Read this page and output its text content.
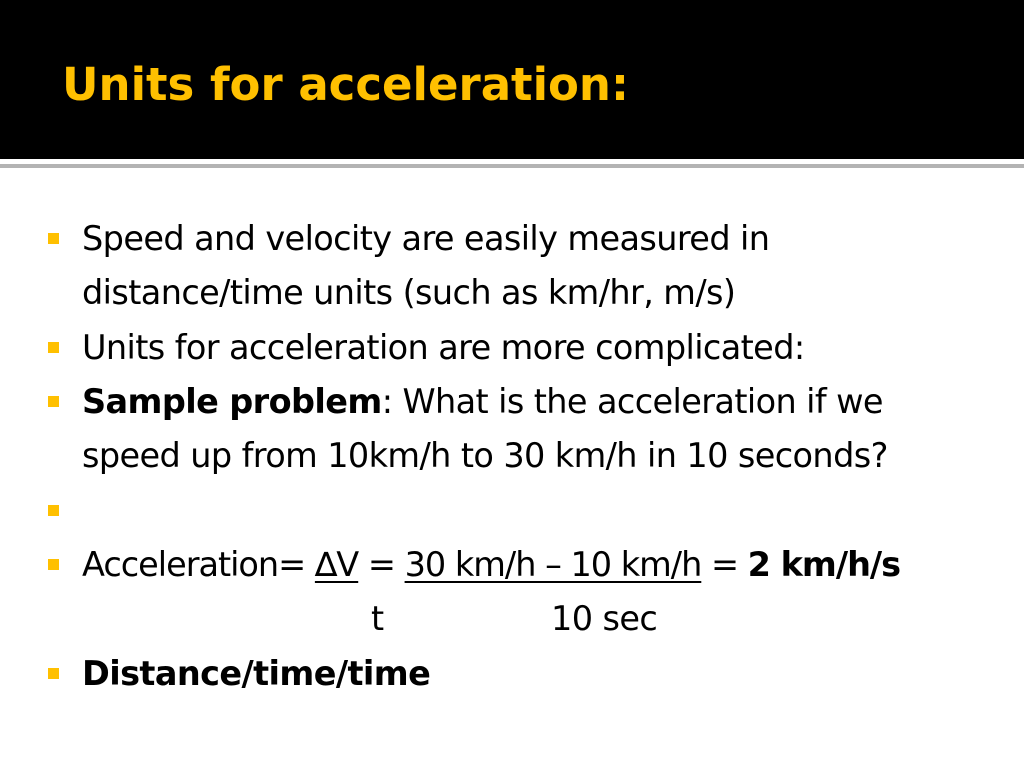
Units for acceleration:
Speed and velocity are easily measured in
distance/time units (such as km/hr, m/s)
Units for acceleration are more complicated:
Sample problem: What is the acceleration if we
speed up from 10km/h to 30 km/h in 10 seconds?
Acceleration= ∆V = 30 km/h – 10 km/h = 2 km/h/s
t	10 sec
Distance/time/time
